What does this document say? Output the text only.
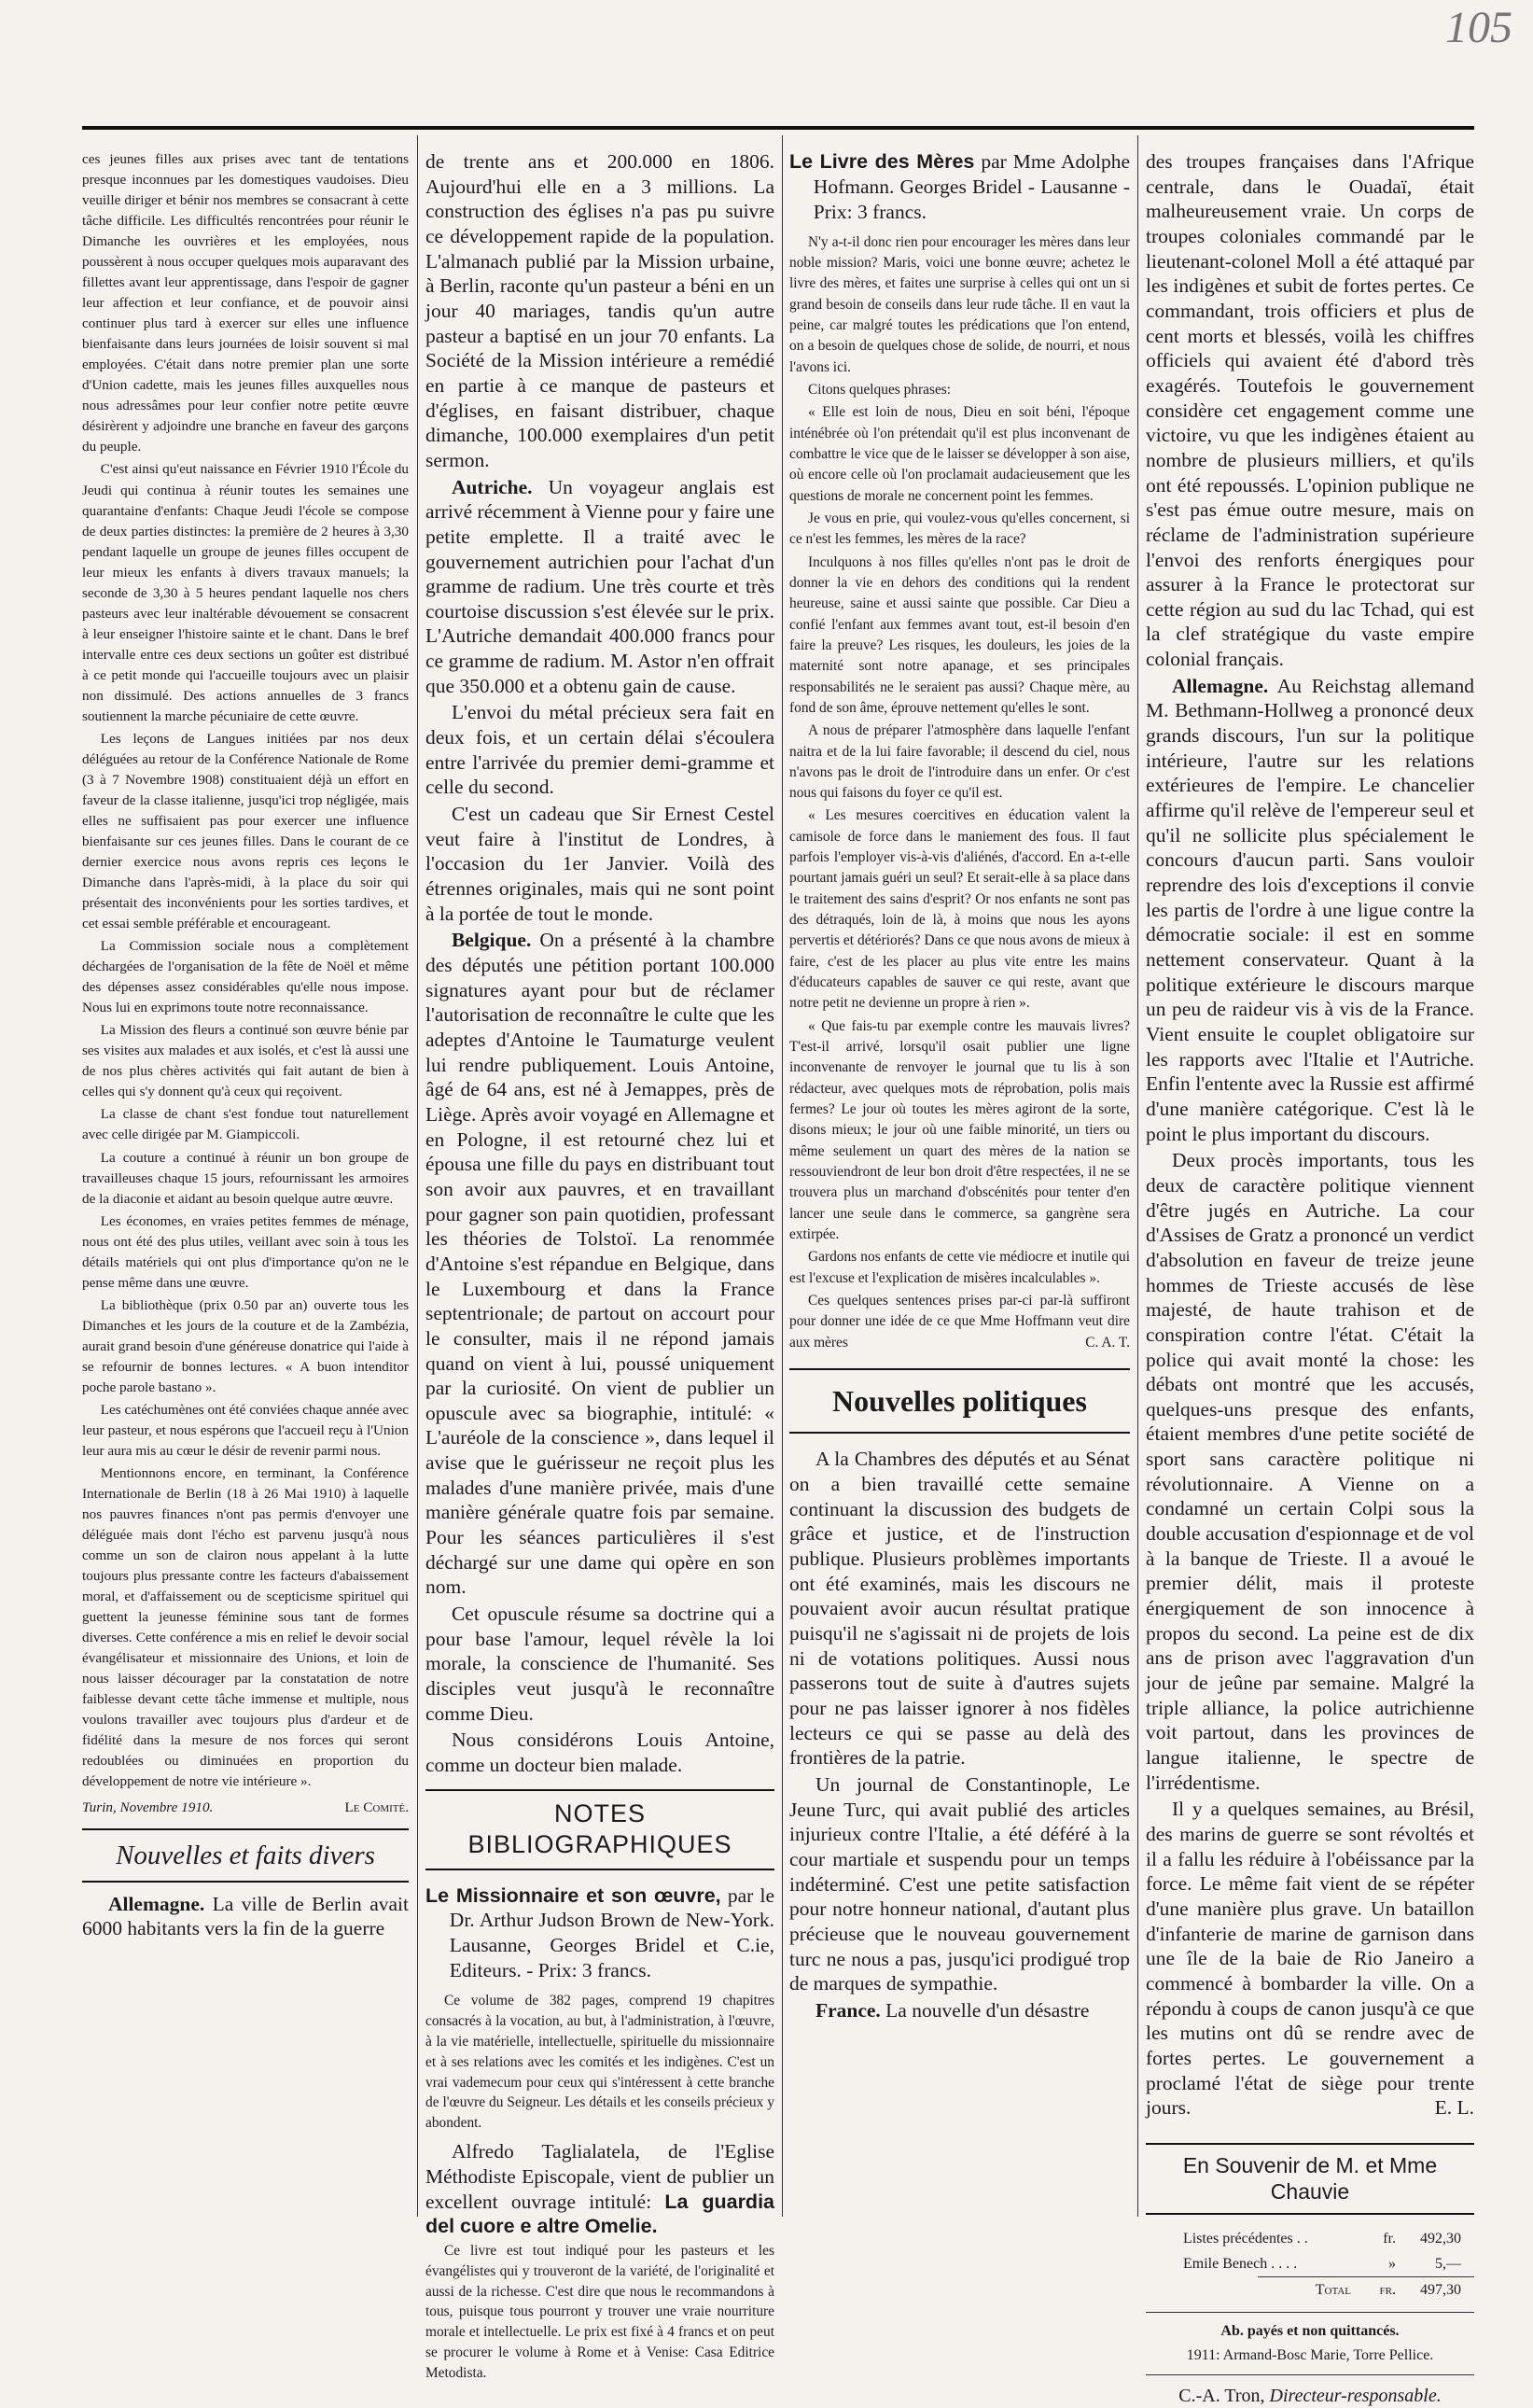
105

ces jeunes filles aux prises avec tant de tentations presque inconnues par les domestiques vaudoises. Dieu veuille diriger et bénir nos membres se consacrant à cette tâche difficile. Les difficultés rencontrées pour réunir le Dimanche les ouvrières et les employées, nous poussèrent à nous occuper quelques mois auparavant des fillettes avant leur apprentissage, dans l'espoir de gagner leur affection et leur confiance, et de pouvoir ainsi continuer plus tard à exercer sur elles une influence bienfaisante dans leurs journées de loisir souvent si mal employées. C'était dans notre premier plan une sorte d'Union cadette, mais les jeunes filles auxquelles nous nous adressâmes pour leur confier notre petite œuvre désirèrent y adjoindre une branche en faveur des garçons du peuple.

C'est ainsi qu'eut naissance en Février 1910 l'École du Jeudi qui continua à réunir toutes les semaines une quarantaine d'enfants: Chaque Jeudi l'école se compose de deux parties distinctes: la première de 2 heures à 3,30 pendant laquelle un groupe de jeunes filles occupent de leur mieux les enfants à divers travaux manuels; la seconde de 3,30 à 5 heures pendant laquelle nos chers pasteurs avec leur inaltérable dévouement se consacrent à leur enseigner l'histoire sainte et le chant. Dans le bref intervalle entre ces deux sections un goûter est distribué à ce petit monde qui l'accueille toujours avec un plaisir non dissimulé. Des actions annuelles de 3 francs soutiennent la marche pécuniaire de cette œuvre.

Les leçons de Langues initiées par nos deux déléguées au retour de la Conférence Nationale de Rome (3 à 7 Novembre 1908) constituaient déjà un effort en faveur de la classe italienne, jusqu'ici trop négligée, mais elles ne suffisaient pas pour exercer une influence bienfaisante sur ces jeunes filles. Dans le courant de ce dernier exercice nous avons repris ces leçons le Dimanche dans l'après-midi, à la place du soir qui présentait des inconvénients pour les sorties tardives, et cet essai semble préférable et encourageant.

La Commission sociale nous a complètement déchargées de l'organisation de la fête de Noël et même des dépenses assez considérables qu'elle nous impose. Nous lui en exprimons toute notre reconnaissance.

La Mission des fleurs a continué son œuvre bénie par ses visites aux malades et aux isolés, et c'est là aussi une de nos plus chères activités qui fait autant de bien à celles qui s'y donnent qu'à ceux qui reçoivent.

La classe de chant s'est fondue tout naturellement avec celle dirigée par M. Giampiccoli.

La couture a continué à réunir un bon groupe de travailleuses chaque 15 jours, refournissant les armoires de la diaconie et aidant au besoin quelque autre œuvre.

Les économes, en vraies petites femmes de ménage, nous ont été des plus utiles, veillant avec soin à tous les détails matériels qui ont plus d'importance qu'on ne le pense même dans une œuvre.

La bibliothèque (prix 0.50 par an) ouverte tous les Dimanches et les jours de la couture et de la Zambézia, aurait grand besoin d'une généreuse donatrice qui l'aide à se refournir de bonnes lectures. « A buon intenditor poche parole bastano ».

Les catéchumènes ont été conviées chaque année avec leur pasteur, et nous espérons que l'accueil reçu à l'Union leur aura mis au cœur le désir de revenir parmi nous.

Mentionnons encore, en terminant, la Conférence Internationale de Berlin (18 à 26 Mai 1910) à laquelle nos pauvres finances n'ont pas permis d'envoyer une déléguée mais dont l'écho est parvenu jusqu'à nous comme un son de clairon nous appelant à la lutte toujours plus pressante contre les facteurs d'abaissement moral, et d'affaissement ou de scepticisme spirituel qui guettent la jeunesse féminine sous tant de formes diverses. Cette conférence a mis en relief le devoir social évangélisateur et missionnaire des Unions, et loin de nous laisser décourager par la constatation de notre faiblesse devant cette tâche immense et multiple, nous voulons travailler avec toujours plus d'ardeur et de fidélité dans la mesure de nos forces qui seront redoublées ou diminuées en proportion du développement de notre vie intérieure ».

Turin, Novembre 1910.	Le Comité.
Nouvelles et faits divers

Allemagne. La ville de Berlin avait 6000 habitants vers la fin de la guerre

de trente ans et 200.000 en 1806. Aujourd'hui elle en a 3 millions. La construction des églises n'a pas pu suivre ce développement rapide de la population. L'almanach publié par la Mission urbaine, à Berlin, raconte qu'un pasteur a béni en un jour 40 mariages, tandis qu'un autre pasteur a baptisé en un jour 70 enfants. La Société de la Mission intérieure a remédié en partie à ce manque de pasteurs et d'églises, en faisant distribuer, chaque dimanche, 100.000 exemplaires d'un petit sermon.

Autriche. Un voyageur anglais est arrivé récemment à Vienne pour y faire une petite emplette. Il a traité avec le gouvernement autrichien pour l'achat d'un gramme de radium. Une très courte et très courtoise discussion s'est élevée sur le prix. L'Autriche demandait 400.000 francs pour ce gramme de radium. M. Astor n'en offrait que 350.000 et a obtenu gain de cause.

L'envoi du métal précieux sera fait en deux fois, et un certain délai s'écoulera entre l'arrivée du premier demi-gramme et celle du second.

C'est un cadeau que Sir Ernest Cestel veut faire à l'institut de Londres, à l'occasion du 1er Janvier. Voilà des étrennes originales, mais qui ne sont point à la portée de tout le monde.

Belgique. On a présenté à la chambre des députés une pétition portant 100.000 signatures ayant pour but de réclamer l'autorisation de reconnaître le culte que les adeptes d'Antoine le Taumaturge veulent lui rendre publiquement. Louis Antoine, âgé de 64 ans, est né à Jemappes, près de Liège. Après avoir voyagé en Allemagne et en Pologne, il est retourné chez lui et épousa une fille du pays en distribuant tout son avoir aux pauvres, et en travaillant pour gagner son pain quotidien, professant les théories de Tolstoï. La renommée d'Antoine s'est répandue en Belgique, dans le Luxembourg et dans la France septentrionale; de partout on accourt pour le consulter, mais il ne répond jamais quand on vient à lui, poussé uniquement par la curiosité. On vient de publier un opuscule avec sa biographie, intitulé: « L'auréole de la conscience », dans lequel il avise que le guérisseur ne reçoit plus les malades d'une manière privée, mais d'une manière générale quatre fois par semaine. Pour les séances particulières il s'est déchargé sur une dame qui opère en son nom.

Cet opuscule résume sa doctrine qui a pour base l'amour, lequel révèle la loi morale, la conscience de l'humanité. Ses disciples veut jusqu'à le reconnaître comme Dieu.

Nous considérons Louis Antoine, comme un docteur bien malade.

NOTES BIBLIOGRAPHIQUES
Le Missionnaire et son œuvre, par le Dr. Arthur Judson Brown de New-York. Lausanne, Georges Bridel et C.ie, Editeurs. - Prix: 3 francs.

Ce volume de 382 pages, comprend 19 chapitres consacrés à la vocation, au but, à l'administration, à l'œuvre, à la vie matérielle, intellectuelle, spirituelle du missionnaire et à ses relations avec les comités et les indigènes. C'est un vrai vademecum pour ceux qui s'intéressent à cette branche de l'œuvre du Seigneur. Les détails et les conseils précieux y abondent.

Alfredo Taglialatela, de l'Eglise Méthodiste Episcopale, vient de publier un excellent ouvrage intitulé: La guardia del cuore e altre Omelie.

Ce livre est tout indiqué pour les pasteurs et les évangélistes qui y trouveront de la variété, de l'originalité et aussi de la richesse. C'est dire que nous le recommandons à tous, puisque tous pourront y trouver une vraie nourriture morale et intellectuelle. Le prix est fixé à 4 francs et on peut se procurer le volume à Rome et à Venise: Casa Editrice Metodista.

Le Livre des Mères par Mme Adolphe Hofmann. Georges Bridel - Lausanne - Prix: 3 francs.

N'y a-t-il donc rien pour encourager les mères dans leur noble mission? Maris, voici une bonne œuvre; achetez le livre des mères, et faites une surprise à celles qui ont un si grand besoin de conseils dans leur rude tâche. Il en vaut la peine, car malgré toutes les prédications que l'on entend, on a besoin de quelques chose de solide, de nourri, et nous l'avons ici.

Citons quelques phrases:

« Elle est loin de nous, Dieu en soit béni, l'époque inténébrée où l'on prétendait qu'il est plus inconvenant de combattre le vice que de le laisser se développer à son aise, où encore celle où l'on proclamait audacieusement que les questions de morale ne concernent point les femmes.

Je vous en prie, qui voulez-vous qu'elles concernent, si ce n'est les femmes, les mères de la race?

Inculquons à nos filles qu'elles n'ont pas le droit de donner la vie en dehors des conditions qui la rendent heureuse, saine et aussi sainte que possible. Car Dieu a confié l'enfant aux femmes avant tout, est-il besoin d'en faire la preuve? Les risques, les douleurs, les joies de la maternité sont notre apanage, et ses principales responsabilités ne le seraient pas aussi? Chaque mère, au fond de son âme, éprouve nettement qu'elles le sont.

A nous de préparer l'atmosphère dans laquelle l'enfant naitra et de la lui faire favorable; il descend du ciel, nous n'avons pas le droit de l'introduire dans un enfer. Or c'est nous qui faisons du foyer ce qu'il est.

« Les mesures coercitives en éducation valent la camisole de force dans le maniement des fous. Il faut parfois l'employer vis-à-vis d'aliénés, d'accord. En a-t-elle pourtant jamais guéri un seul? Et serait-elle à sa place dans le traitement des sains d'esprit? Or nos enfants ne sont pas des détraqués, loin de là, à moins que nous les ayons pervertis et détériorés? Dans ce que nous avons de mieux à faire, c'est de les placer au plus vite entre les mains d'éducateurs capables de sauver ce qui reste, avant que notre petit ne devienne un propre à rien ».

« Que fais-tu par exemple contre les mauvais livres? T'est-il arrivé, lorsqu'il osait publier une ligne inconvenante de renvoyer le journal que tu lis à son rédacteur, avec quelques mots de réprobation, polis mais fermes? Le jour où toutes les mères agiront de la sorte, disons mieux; le jour où une faible minorité, un tiers ou même seulement un quart des mères de la nation se ressouviendront de leur bon droit d'être respectées, il ne se trouvera plus un marchand d'obscénités pour tenter d'en lancer une seule dans le commerce, sa gangrène sera extirpée.

Gardons nos enfants de cette vie médiocre et inutile qui est l'excuse et l'explication de misères incalculables ».

Ces quelques sentences prises par-ci par-là suffiront pour donner une idée de ce que Mme Hoffmann veut dire aux mères	C. A. T.

Nouvelles politiques

A la Chambres des députés et au Sénat on a bien travaillé cette semaine continuant la discussion des budgets de grâce et justice, et de l'instruction publique. Plusieurs problèmes importants ont été examinés, mais les discours ne pouvaient avoir aucun résultat pratique puisqu'il ne s'agissait ni de projets de lois ni de votations politiques. Aussi nous passerons tout de suite à d'autres sujets pour ne pas laisser ignorer à nos fidèles lecteurs ce qui se passe au delà des frontières de la patrie.

Un journal de Constantinople, Le Jeune Turc, qui avait publié des articles injurieux contre l'Italie, a été déféré à la cour martiale et suspendu pour un temps indéterminé. C'est une petite satisfaction pour notre honneur national, d'autant plus précieuse que le nouveau gouvernement turc ne nous a pas, jusqu'ici prodigué trop de marques de sympathie.

France. La nouvelle d'un désastre

des troupes françaises dans l'Afrique centrale, dans le Ouadaï, était malheureusement vraie. Un corps de troupes coloniales commandé par le lieutenant-colonel Moll a été attaqué par les indigènes et subit de fortes pertes. Ce commandant, trois officiers et plus de cent morts et blessés, voilà les chiffres officiels qui avaient été d'abord très exagérés. Toutefois le gouvernement considère cet engagement comme une victoire, vu que les indigènes étaient au nombre de plusieurs milliers, et qu'ils ont été repoussés. L'opinion publique ne s'est pas émue outre mesure, mais on réclame de l'administration supérieure l'envoi des renforts énergiques pour assurer à la France le protectorat sur cette région au sud du lac Tchad, qui est la clef stratégique du vaste empire colonial français.

Allemagne. Au Reichstag allemand M. Bethmann-Hollweg a prononcé deux grands discours, l'un sur la politique intérieure, l'autre sur les relations extérieures de l'empire. Le chancelier affirme qu'il relève de l'empereur seul et qu'il ne sollicite plus spécialement le concours d'aucun parti. Sans vouloir reprendre des lois d'exceptions il convie les partis de l'ordre à une ligue contre la démocratie sociale: il est en somme nettement conservateur. Quant à la politique extérieure le discours marque un peu de raideur vis à vis de la France. Vient ensuite le couplet obligatoire sur les rapports avec l'Italie et l'Autriche. Enfin l'entente avec la Russie est affirmé d'une manière catégorique. C'est là le point le plus important du discours.

Deux procès importants, tous les deux de caractère politique viennent d'être jugés en Autriche. La cour d'Assises de Gratz a prononcé un verdict d'absolution en faveur de treize jeune hommes de Trieste accusés de lèse majesté, de haute trahison et de conspiration contre l'état. C'était la police qui avait monté la chose: les débats ont montré que les accusés, quelques-uns presque des enfants, étaient membres d'une petite société de sport sans caractère politique ni révolutionnaire. A Vienne on a condamné un certain Colpi sous la double accusation d'espionnage et de vol à la banque de Trieste. Il a avoué le premier délit, mais il proteste énergiquement de son innocence à propos du second. La peine est de dix ans de prison avec l'aggravation d'un jour de jeûne par semaine. Malgré la triple alliance, la police autrichienne voit partout, dans les provinces de langue italienne, le spectre de l'irrédentisme.

Il y a quelques semaines, au Brésil, des marins de guerre se sont révoltés et il a fallu les réduire à l'obéissance par la force. Le même fait vient de se répéter d'une manière plus grave. Un bataillon d'infanterie de marine de garnison dans une île de la baie de Rio Janeiro a commencé à bombarder la ville. On a répondu à coups de canon jusqu'à ce que les mutins ont dû se rendre avec de fortes pertes. Le gouvernement a proclamé l'état de siège pour trente jours.	E. L.

En Souvenir de M. et Mme Chauvie
Listes précédentes . .	fr.	492,30
Emile Benech . . . .	»	5,—
Total	fr.	497,30
Ab. payés et non quittancés.
1911: Armand-Bosc Marie, Torre Pellice.
C.-A. Tron, Directeur-responsable.
